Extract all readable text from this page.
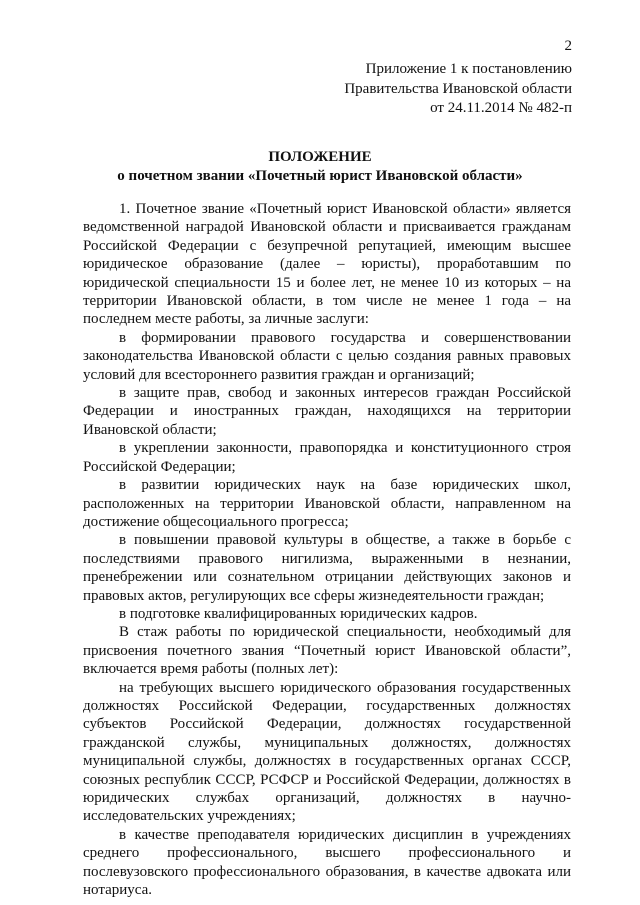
2
Приложение 1 к постановлению
Правительства Ивановской области
от 24.11.2014 № 482-п
ПОЛОЖЕНИЕ
о почетном звании «Почетный юрист Ивановской области»

1. Почетное звание «Почетный юрист Ивановской области» является ведомственной наградой Ивановской области и присваивается гражданам Российской Федерации с безупречной репутацией, имеющим высшее юридическое образование (далее – юристы), проработавшим по юридической специальности 15 и более лет, не менее 10 из которых – на территории Ивановской области, в том числе не менее 1 года – на последнем месте работы, за личные заслуги:

в формировании правового государства и совершенствовании законодательства Ивановской области с целью создания равных правовых условий для всестороннего развития граждан и организаций;

в защите прав, свобод и законных интересов граждан Российской Федерации и иностранных граждан, находящихся на территории Ивановской области;

в укреплении законности, правопорядка и конституционного строя Российской Федерации;

в развитии юридических наук на базе юридических школ, расположенных на территории Ивановской области, направленном на достижение общесоциального прогресса;

в повышении правовой культуры в обществе, а также в борьбе с последствиями правового нигилизма, выраженными в незнании, пренебрежении или сознательном отрицании действующих законов и правовых актов, регулирующих все сферы жизнедеятельности граждан;

в подготовке квалифицированных юридических кадров.

В стаж работы по юридической специальности, необходимый для присвоения почетного звания “Почетный юрист Ивановской области”, включается время работы (полных лет):

на требующих высшего юридического образования государственных должностях Российской Федерации, государственных должностях субъектов Российской Федерации, должностях государственной гражданской службы, муниципальных должностях, должностях муниципальной службы, должностях в государственных органах СССР, союзных республик СССР, РСФСР и Российской Федерации, должностях в юридических службах организаций, должностях в научно-исследовательских учреждениях;

в качестве преподавателя юридических дисциплин в учреждениях среднего профессионального, высшего профессионального и послевузовского профессионального образования, в качестве адвоката или нотариуса.
